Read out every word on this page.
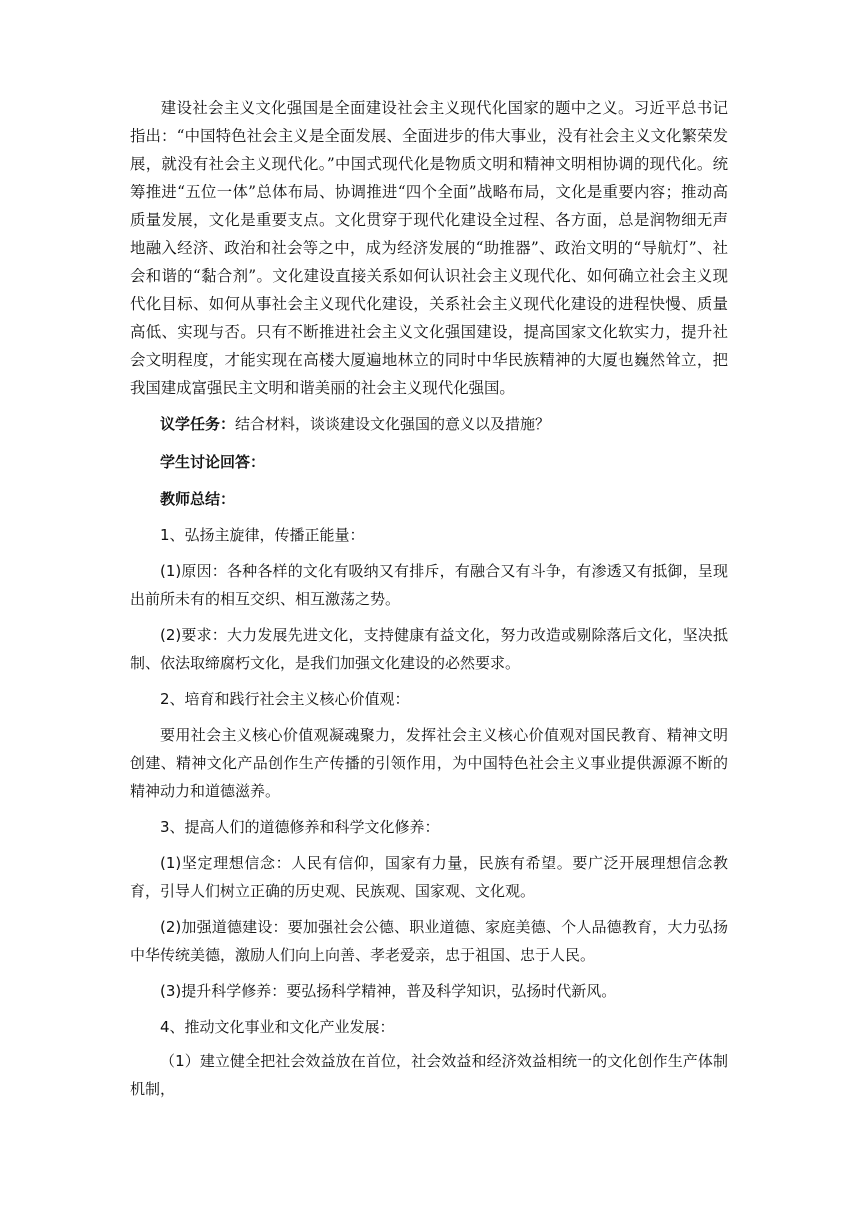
建设社会主义文化强国是全面建设社会主义现代化国家的题中之义。习近平总书记指出：“中国特色社会主义是全面发展、全面进步的伟大事业，没有社会主义文化繁荣发展，就没有社会主义现代化。”中国式现代化是物质文明和精神文明相协调的现代化。统筹推进“五位一体”总体布局、协调推进“四个全面”战略布局，文化是重要内容；推动高质量发展，文化是重要支点。文化贯穿于现代化建设全过程、各方面，总是润物细无声地融入经济、政治和社会等之中，成为经济发展的“助推器”、政治文明的“导航灯”、社会和谐的“黏合剂”。文化建设直接关系如何认识社会主义现代化、如何确立社会主义现代化目标、如何从事社会主义现代化建设，关系社会主义现代化建设的进程快慢、质量高低、实现与否。只有不断推进社会主义文化强国建设，提高国家文化软实力，提升社会文明程度，才能实现在高楼大厦遍地林立的同时中华民族精神的大厦也巍然耸立，把我国建成富强民主文明和谐美丽的社会主义现代化强国。

议学任务：结合材料，谈谈建设文化强国的意义以及措施？

学生讨论回答：

教师总结：

1、弘扬主旋律，传播正能量：

(1)原因：各种各样的文化有吸纳又有排斥，有融合又有斗争，有渗透又有抵御，呈现出前所未有的相互交织、相互激荡之势。

(2)要求：大力发展先进文化，支持健康有益文化，努力改造或剔除落后文化，坚决抵制、依法取缔腐朽文化，是我们加强文化建设的必然要求。

2、培育和践行社会主义核心价值观：

要用社会主义核心价值观凝魂聚力，发挥社会主义核心价值观对国民教育、精神文明创建、精神文化产品创作生产传播的引领作用，为中国特色社会主义事业提供源源不断的精神动力和道德滋养。

3、提高人们的道德修养和科学文化修养：

(1)坚定理想信念：人民有信仰，国家有力量，民族有希望。要广泛开展理想信念教育，引导人们树立正确的历史观、民族观、国家观、文化观。

(2)加强道德建设：要加强社会公德、职业道德、家庭美德、个人品德教育，大力弘扬中华传统美德，激励人们向上向善、孝老爱亲，忠于祖国、忠于人民。

(3)提升科学修养：要弘扬科学精神，普及科学知识，弘扬时代新风。

4、推动文化事业和文化产业发展：

（1）建立健全把社会效益放在首位，社会效益和经济效益相统一的文化创作生产体制机制，
